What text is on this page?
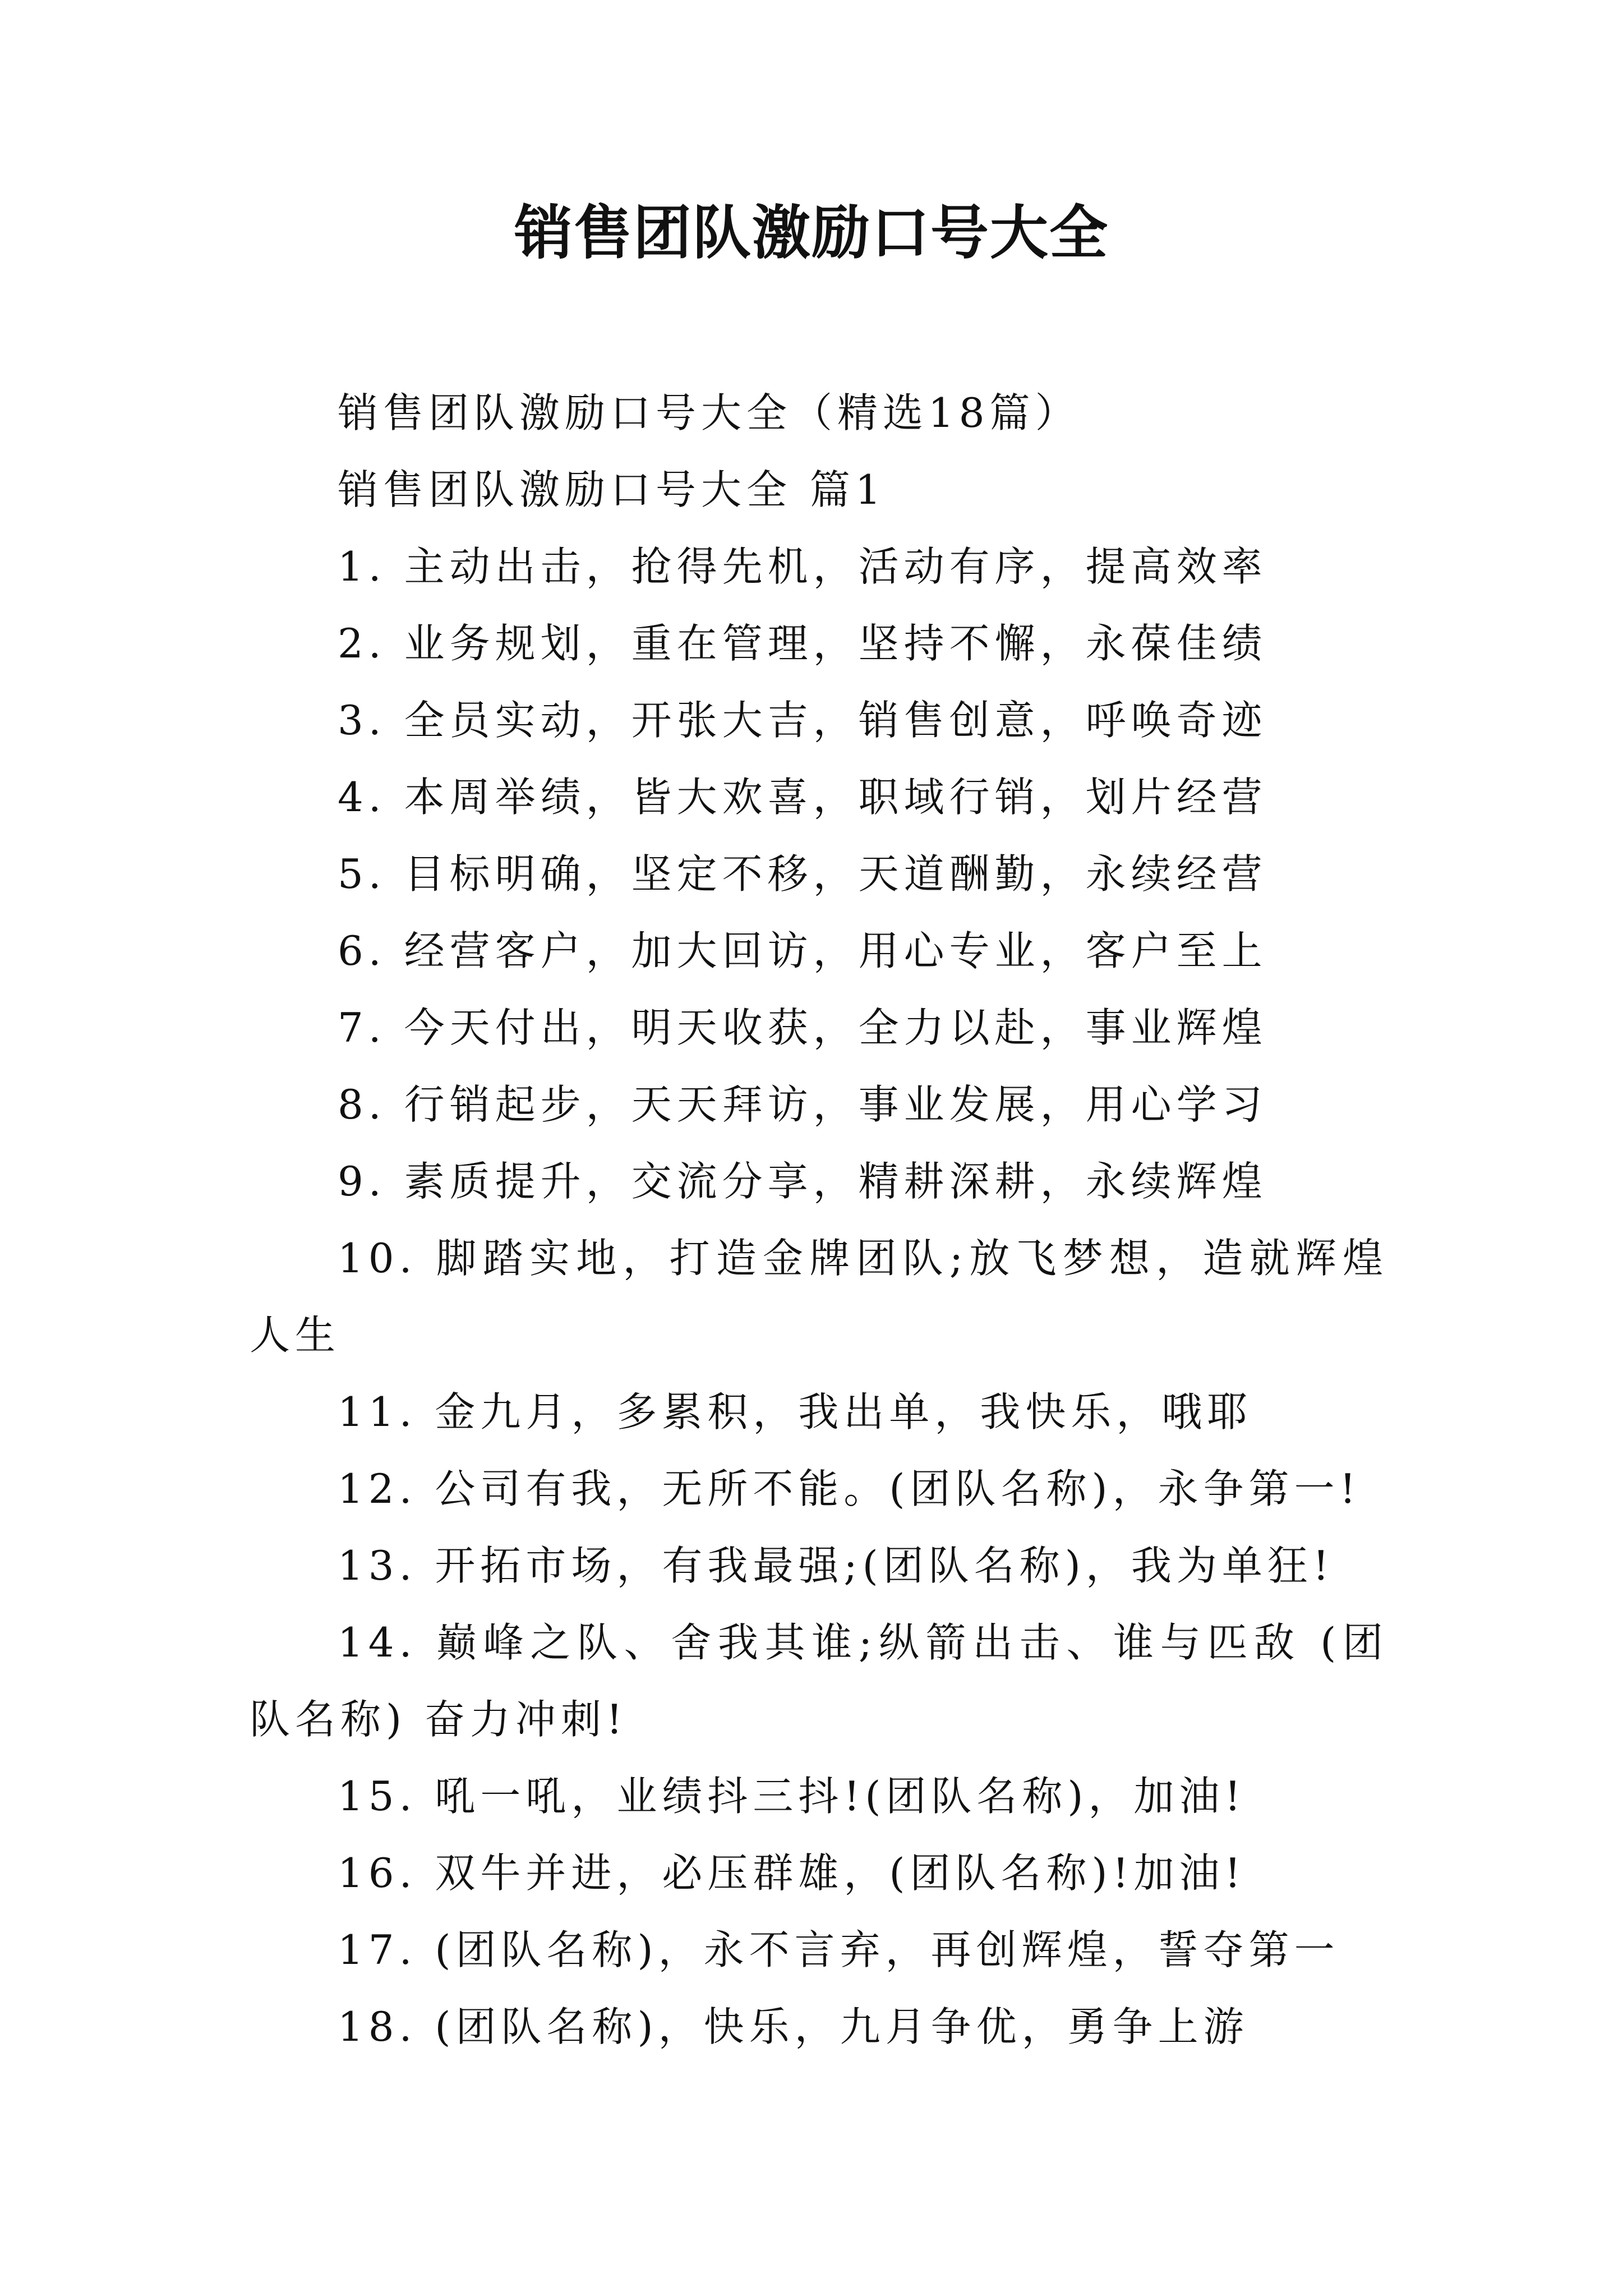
销售团队激励口号大全

销售团队激励口号大全（精选18篇）

销售团队激励口号大全 篇1

1. 主动出击，抢得先机，活动有序，提高效率

2. 业务规划，重在管理，坚持不懈，永葆佳绩

3. 全员实动，开张大吉，销售创意，呼唤奇迹

4. 本周举绩，皆大欢喜，职域行销，划片经营

5. 目标明确，坚定不移，天道酬勤，永续经营

6. 经营客户，加大回访，用心专业，客户至上

7. 今天付出，明天收获，全力以赴，事业辉煌

8. 行销起步，天天拜访，事业发展，用心学习

9. 素质提升，交流分享，精耕深耕，永续辉煌

10. 脚踏实地，打造金牌团队;放飞梦想，造就辉煌人生

11. 金九月，多累积，我出单，我快乐，哦耶

12. 公司有我，无所不能。(团队名称)，永争第一!

13. 开拓市场，有我最强;(团队名称)，我为单狂!

14. 巅峰之队、舍我其谁;纵箭出击、谁与匹敌 (团队名称) 奋力冲刺!

15. 吼一吼，业绩抖三抖!(团队名称)，加油!

16. 双牛并进，必压群雄，(团队名称)!加油!

17. (团队名称)，永不言弃，再创辉煌，誓夺第一

18. (团队名称)，快乐，九月争优，勇争上游
